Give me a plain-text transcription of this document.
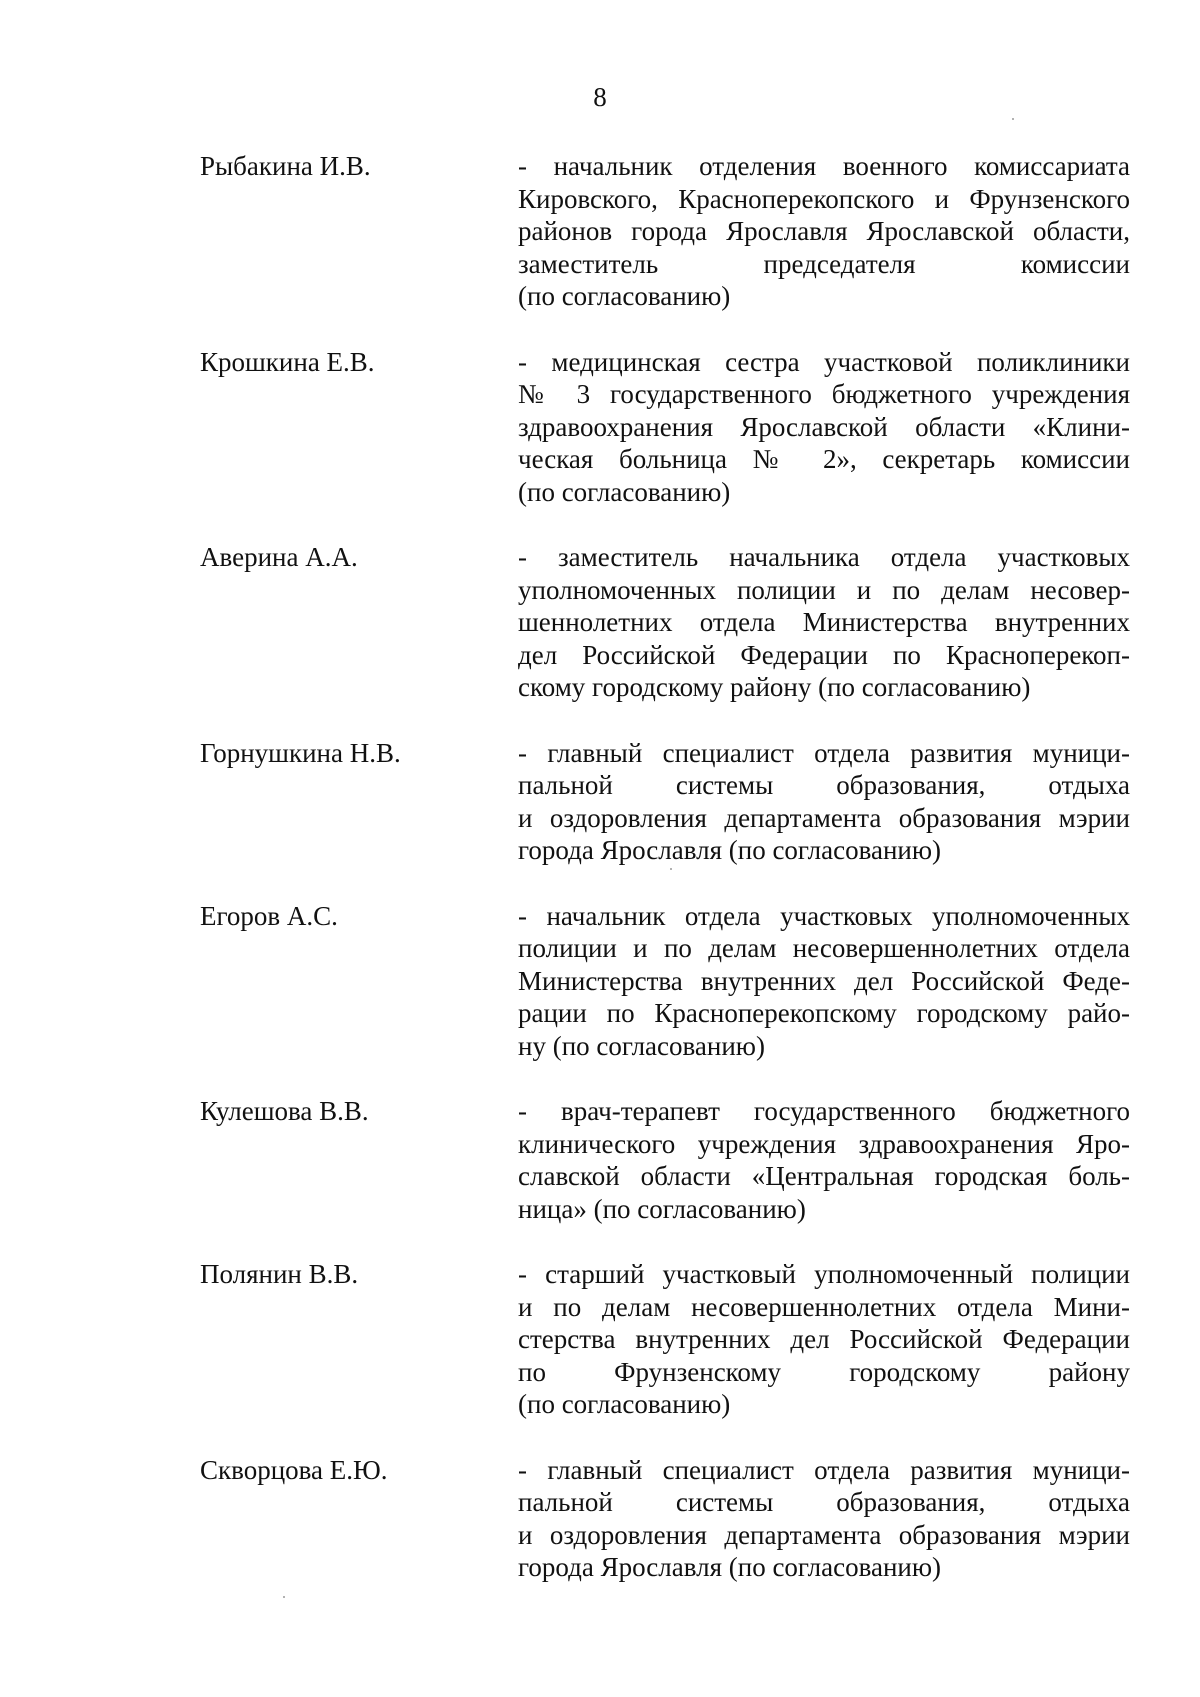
8
Рыбакина И.В.	- начальник отделения военного комиссариата
Кировского, Красноперекопского и Фрунзенского
районов города Ярославля Ярославской области,
заместитель председателя комиссии
(по согласованию)
Крошкина Е.В.	- медицинская сестра участковой поликлиники
№ 3 государственного бюджетного учреждения
здравоохранения Ярославской области «Клини-
ческая больница № 2», секретарь комиссии
(по согласованию)
Аверина А.А.	- заместитель начальника отдела участковых
уполномоченных полиции и по делам несовер-
шеннолетних отдела Министерства внутренних
дел Российской Федерации по Красноперекоп-
скому городскому району (по согласованию)
Горнушкина Н.В.	- главный специалист отдела развития муници-
пальной системы образования, отдыха
и оздоровления департамента образования мэрии
города Ярославля (по согласованию)
Егоров А.С.	- начальник отдела участковых уполномоченных
полиции и по делам несовершеннолетних отдела
Министерства внутренних дел Российской Феде-
рации по Красноперекопскому городскому райо-
ну (по согласованию)
Кулешова В.В.	- врач-терапевт государственного бюджетного
клинического учреждения здравоохранения Яро-
славской области «Центральная городская боль-
ница» (по согласованию)
Полянин В.В.	- старший участковый уполномоченный полиции
и по делам несовершеннолетних отдела Мини-
стерства внутренних дел Российской Федерации
по Фрунзенскому городскому району
(по согласованию)
Скворцова Е.Ю.	- главный специалист отдела развития муници-
пальной системы образования, отдыха
и оздоровления департамента образования мэрии
города Ярославля (по согласованию)
